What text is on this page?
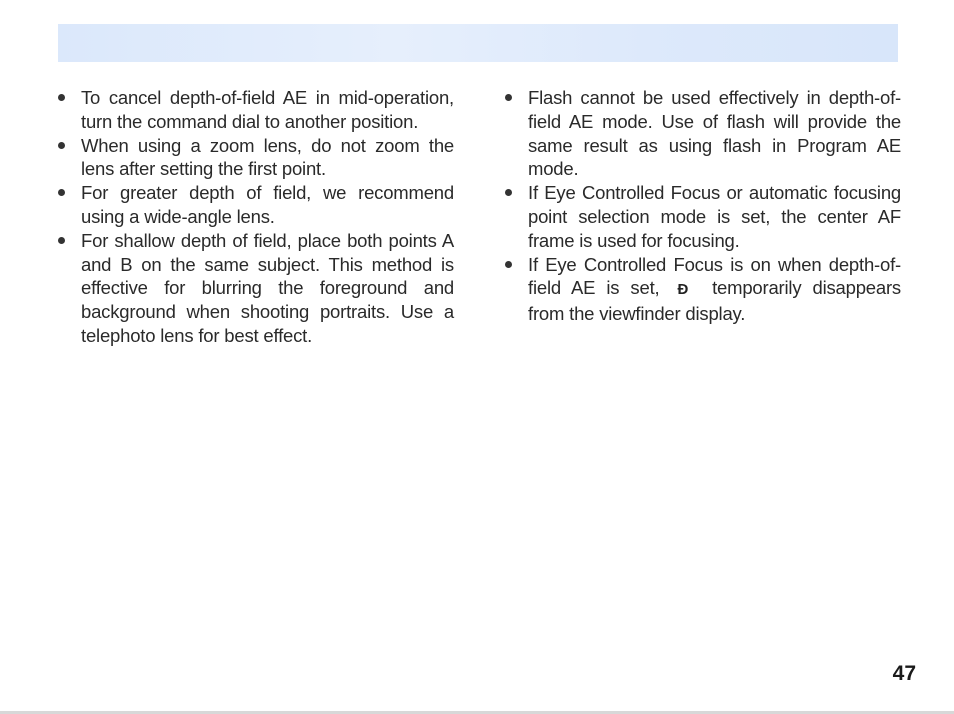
To cancel depth-of-field AE in mid-operation, turn the command dial to another position.
When using a zoom lens, do not zoom the lens after setting the first point.
For greater depth of field, we recommend using a wide-angle lens.
For shallow depth of field, place both points A and B on the same subject. This method is effective for blurring the foreground and background when shooting portraits. Use a telephoto lens for best effect.
Flash cannot be used effectively in depth-of-field AE mode. Use of flash will provide the same result as using flash in Program AE mode.
If Eye Controlled Focus or automatic focusing point selection mode is set, the center AF frame is used for focusing.
If Eye Controlled Focus is on when depth-of-field AE is set, Ð temporarily disappears from the viewfinder display.
47
